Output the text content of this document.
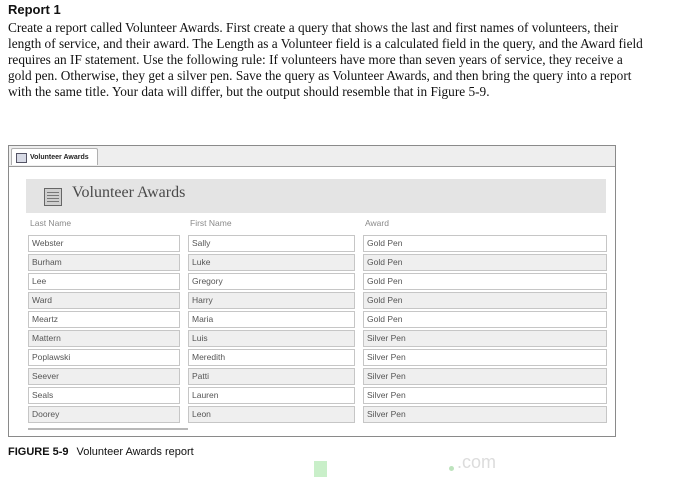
Report 1

Create a report called Volunteer Awards. First create a query that shows the last and first names of volunteers, their length of service, and their award. The Length as a Volunteer field is a calculated field in the query, and the Award field requires an IF statement. Use the following rule: If volunteers have more than seven years of service, they receive a gold pen. Otherwise, they get a silver pen. Save the query as Volunteer Awards, and then bring the query into a report with the same title. Your data will differ, but the output should resemble that in Figure 5-9.

Volunteer Awards
Volunteer Awards
Last Name	First Name	Award
Webster	Sally	Gold Pen
Burham	Luke	Gold Pen
Lee	Gregory	Gold Pen
Ward	Harry	Gold Pen
Meartz	Maria	Gold Pen
Mattern	Luis	Silver Pen
Poplawski	Meredith	Silver Pen
Seever	Patti	Silver Pen
Seals	Lauren	Silver Pen
Doorey	Leon	Silver Pen
FIGURE 5-9 Volunteer Awards report	.com
